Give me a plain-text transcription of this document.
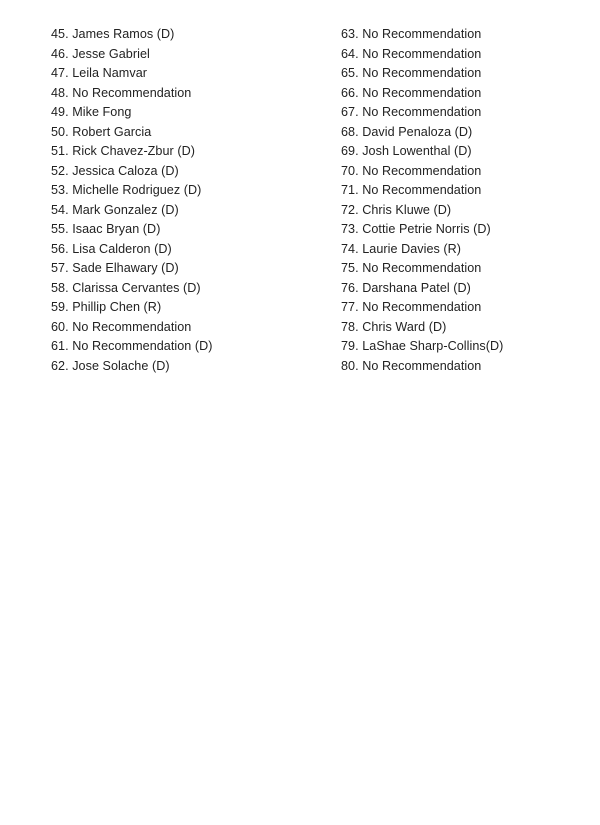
45. James Ramos (D)
46. Jesse Gabriel
47. Leila Namvar
48. No Recommendation
49. Mike Fong
50. Robert Garcia
51. Rick Chavez-Zbur (D)
52. Jessica Caloza (D)
53. Michelle Rodriguez (D)
54. Mark Gonzalez (D)
55. Isaac Bryan (D)
56. Lisa Calderon (D)
57. Sade Elhawary (D)
58. Clarissa Cervantes (D)
59. Phillip Chen (R)
60. No Recommendation
61. No Recommendation (D)
62. Jose Solache (D)
63. No Recommendation
64. No Recommendation
65. No Recommendation
66. No Recommendation
67. No Recommendation
68. David Penaloza (D)
69. Josh Lowenthal (D)
70. No Recommendation
71. No Recommendation
72. Chris Kluwe (D)
73. Cottie Petrie Norris (D)
74. Laurie Davies (R)
75. No Recommendation
76. Darshana Patel (D)
77. No Recommendation
78. Chris Ward (D)
79. LaShae Sharp-Collins(D)
80. No Recommendation
